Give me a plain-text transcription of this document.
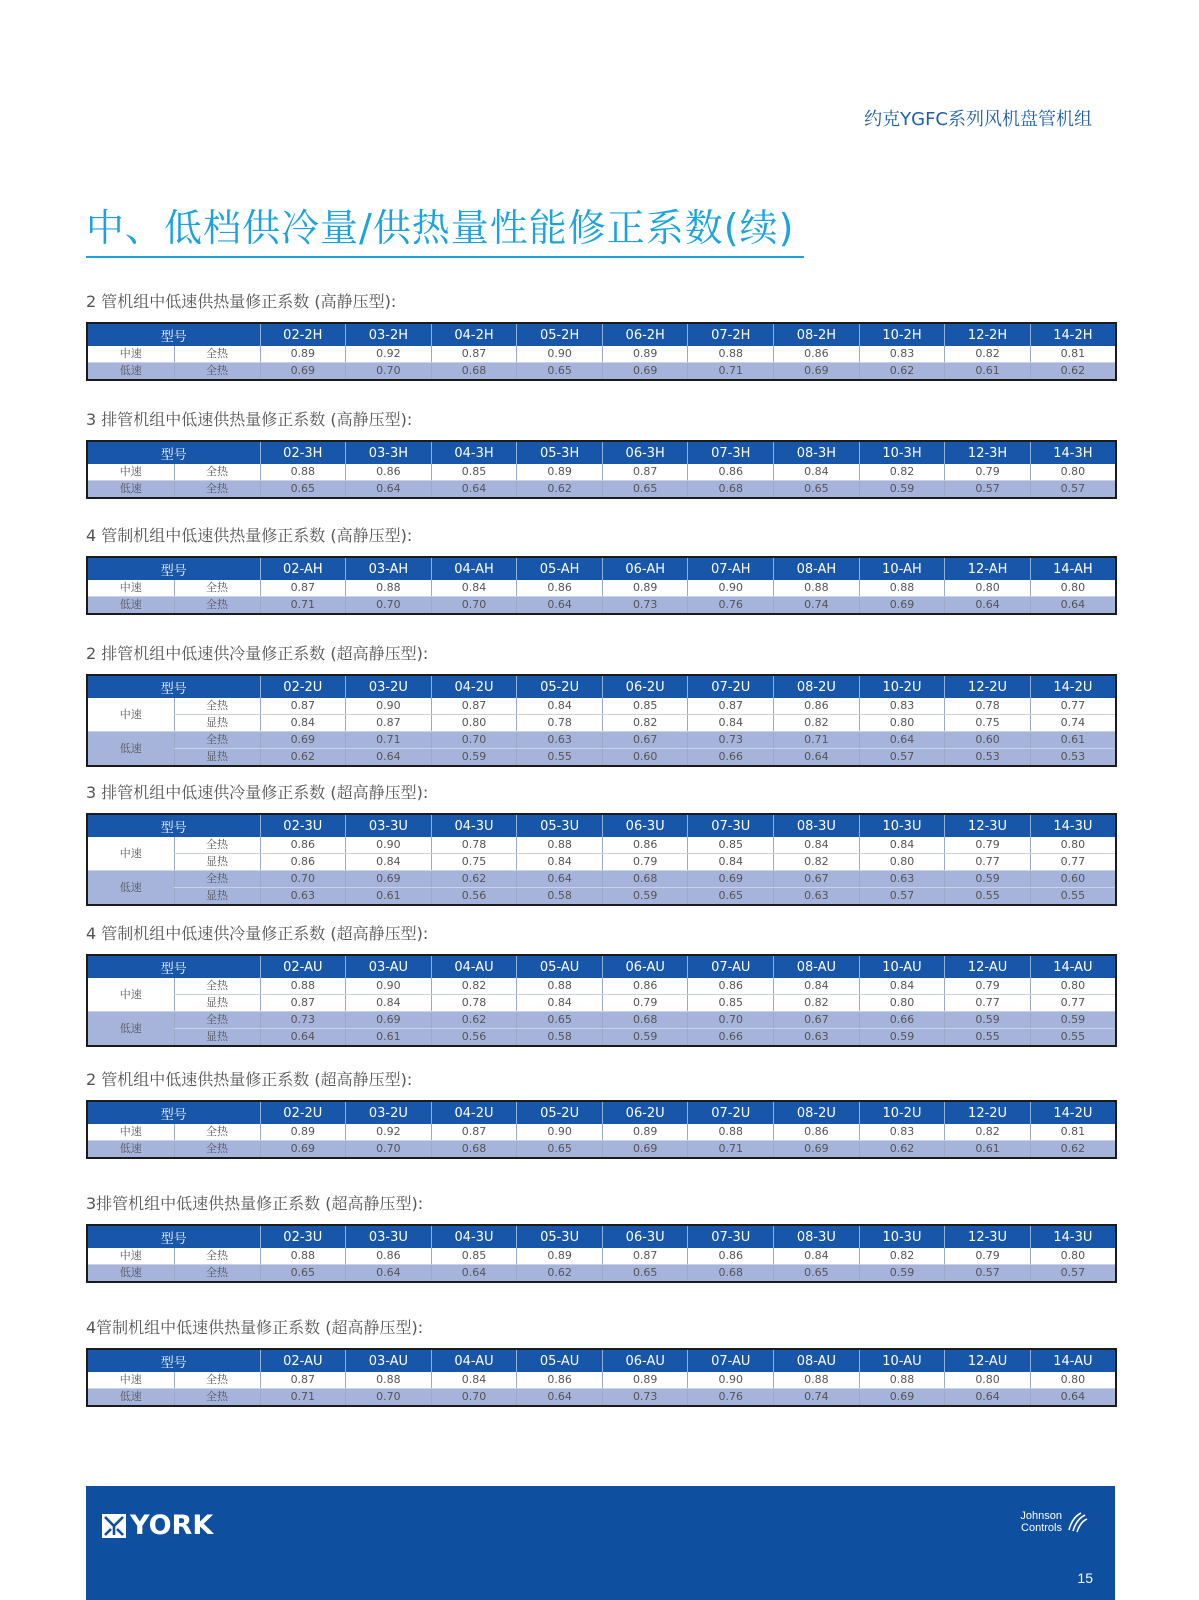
约克YGFC系列风机盘管机组
中、低档供冷量/供热量性能修正系数(续)
2 管机组中低速供热量修正系数 (高静压型):
型号		02-2H	03-2H	04-2H	05-2H	06-2H	07-2H	08-2H	10-2H	12-2H	14-2H
中速	全热	0.89	0.92	0.87	0.90	0.89	0.88	0.86	0.83	0.82	0.81
低速	全热	0.69	0.70	0.68	0.65	0.69	0.71	0.69	0.62	0.61	0.62
3 排管机组中低速供热量修正系数 (高静压型):
型号		02-3H	03-3H	04-3H	05-3H	06-3H	07-3H	08-3H	10-3H	12-3H	14-3H
中速	全热	0.88	0.86	0.85	0.89	0.87	0.86	0.84	0.82	0.79	0.80
低速	全热	0.65	0.64	0.64	0.62	0.65	0.68	0.65	0.59	0.57	0.57
4 管制机组中低速供热量修正系数 (高静压型):
型号		02-AH	03-AH	04-AH	05-AH	06-AH	07-AH	08-AH	10-AH	12-AH	14-AH
中速	全热	0.87	0.88	0.84	0.86	0.89	0.90	0.88	0.88	0.80	0.80
低速	全热	0.71	0.70	0.70	0.64	0.73	0.76	0.74	0.69	0.64	0.64
2 排管机组中低速供冷量修正系数 (超高静压型):
型号		02-2U	03-2U	04-2U	05-2U	06-2U	07-2U	08-2U	10-2U	12-2U	14-2U
中速	全热	0.87	0.90	0.87	0.84	0.85	0.87	0.86	0.83	0.78	0.77
	显热	0.84	0.87	0.80	0.78	0.82	0.84	0.82	0.80	0.75	0.74
低速	全热	0.69	0.71	0.70	0.63	0.67	0.73	0.71	0.64	0.60	0.61
	显热	0.62	0.64	0.59	0.55	0.60	0.66	0.64	0.57	0.53	0.53
3 排管机组中低速供冷量修正系数 (超高静压型):
型号		02-3U	03-3U	04-3U	05-3U	06-3U	07-3U	08-3U	10-3U	12-3U	14-3U
中速	全热	0.86	0.90	0.78	0.88	0.86	0.85	0.84	0.84	0.79	0.80
	显热	0.86	0.84	0.75	0.84	0.79	0.84	0.82	0.80	0.77	0.77
低速	全热	0.70	0.69	0.62	0.64	0.68	0.69	0.67	0.63	0.59	0.60
	显热	0.63	0.61	0.56	0.58	0.59	0.65	0.63	0.57	0.55	0.55
4 管制机组中低速供冷量修正系数 (超高静压型):
型号		02-AU	03-AU	04-AU	05-AU	06-AU	07-AU	08-AU	10-AU	12-AU	14-AU
中速	全热	0.88	0.90	0.82	0.88	0.86	0.86	0.84	0.84	0.79	0.80
	显热	0.87	0.84	0.78	0.84	0.79	0.85	0.82	0.80	0.77	0.77
低速	全热	0.73	0.69	0.62	0.65	0.68	0.70	0.67	0.66	0.59	0.59
	显热	0.64	0.61	0.56	0.58	0.59	0.66	0.63	0.59	0.55	0.55
2 管机组中低速供热量修正系数 (超高静压型):
型号		02-2U	03-2U	04-2U	05-2U	06-2U	07-2U	08-2U	10-2U	12-2U	14-2U
中速	全热	0.89	0.92	0.87	0.90	0.89	0.88	0.86	0.83	0.82	0.81
低速	全热	0.69	0.70	0.68	0.65	0.69	0.71	0.69	0.62	0.61	0.62
3排管机组中低速供热量修正系数 (超高静压型):
型号		02-3U	03-3U	04-3U	05-3U	06-3U	07-3U	08-3U	10-3U	12-3U	14-3U
中速	全热	0.88	0.86	0.85	0.89	0.87	0.86	0.84	0.82	0.79	0.80
低速	全热	0.65	0.64	0.64	0.62	0.65	0.68	0.65	0.59	0.57	0.57
4管制机组中低速供热量修正系数 (超高静压型):
型号		02-AU	03-AU	04-AU	05-AU	06-AU	07-AU	08-AU	10-AU	12-AU	14-AU
中速	全热	0.87	0.88	0.84	0.86	0.89	0.90	0.88	0.88	0.80	0.80
低速	全热	0.71	0.70	0.70	0.64	0.73	0.76	0.74	0.69	0.64	0.64
YORK	Johnson
Controls
15
